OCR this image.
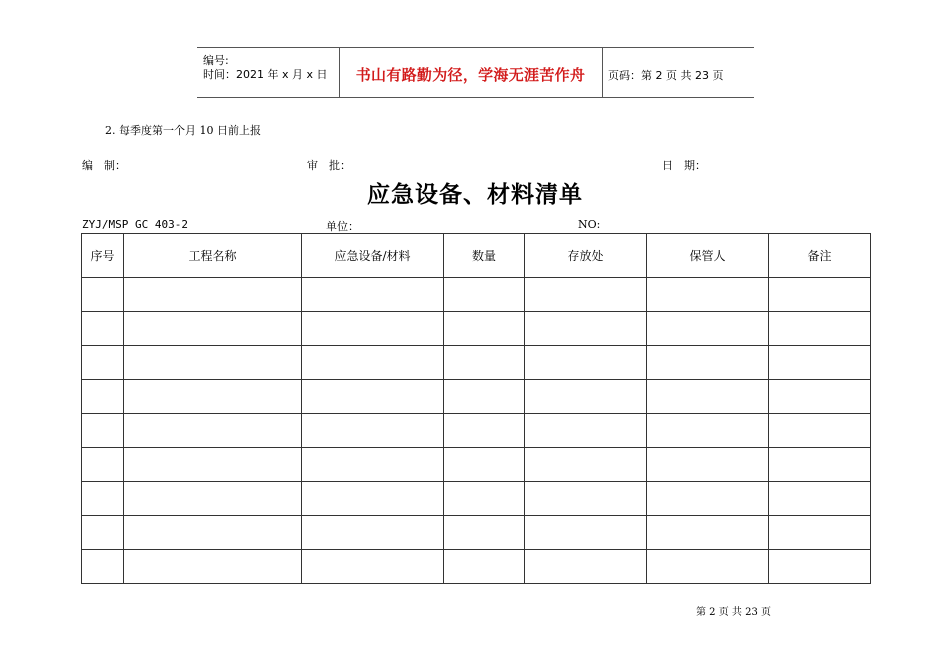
编号:
时间：2021 年 x 月 x 日	书山有路勤为径，学海无涯苦作舟	页码：第 2 页 共 23 页
2. 每季度第一个月 10 日前上报
编　制：	审　批：	日　期：
应急设备、材料清单
ZYJ/MSP GC 403-2	单位：	NO:
序号	工程名称	应急设备/材料	数量	存放处	保管人	备注

第 2 页 共 23 页
